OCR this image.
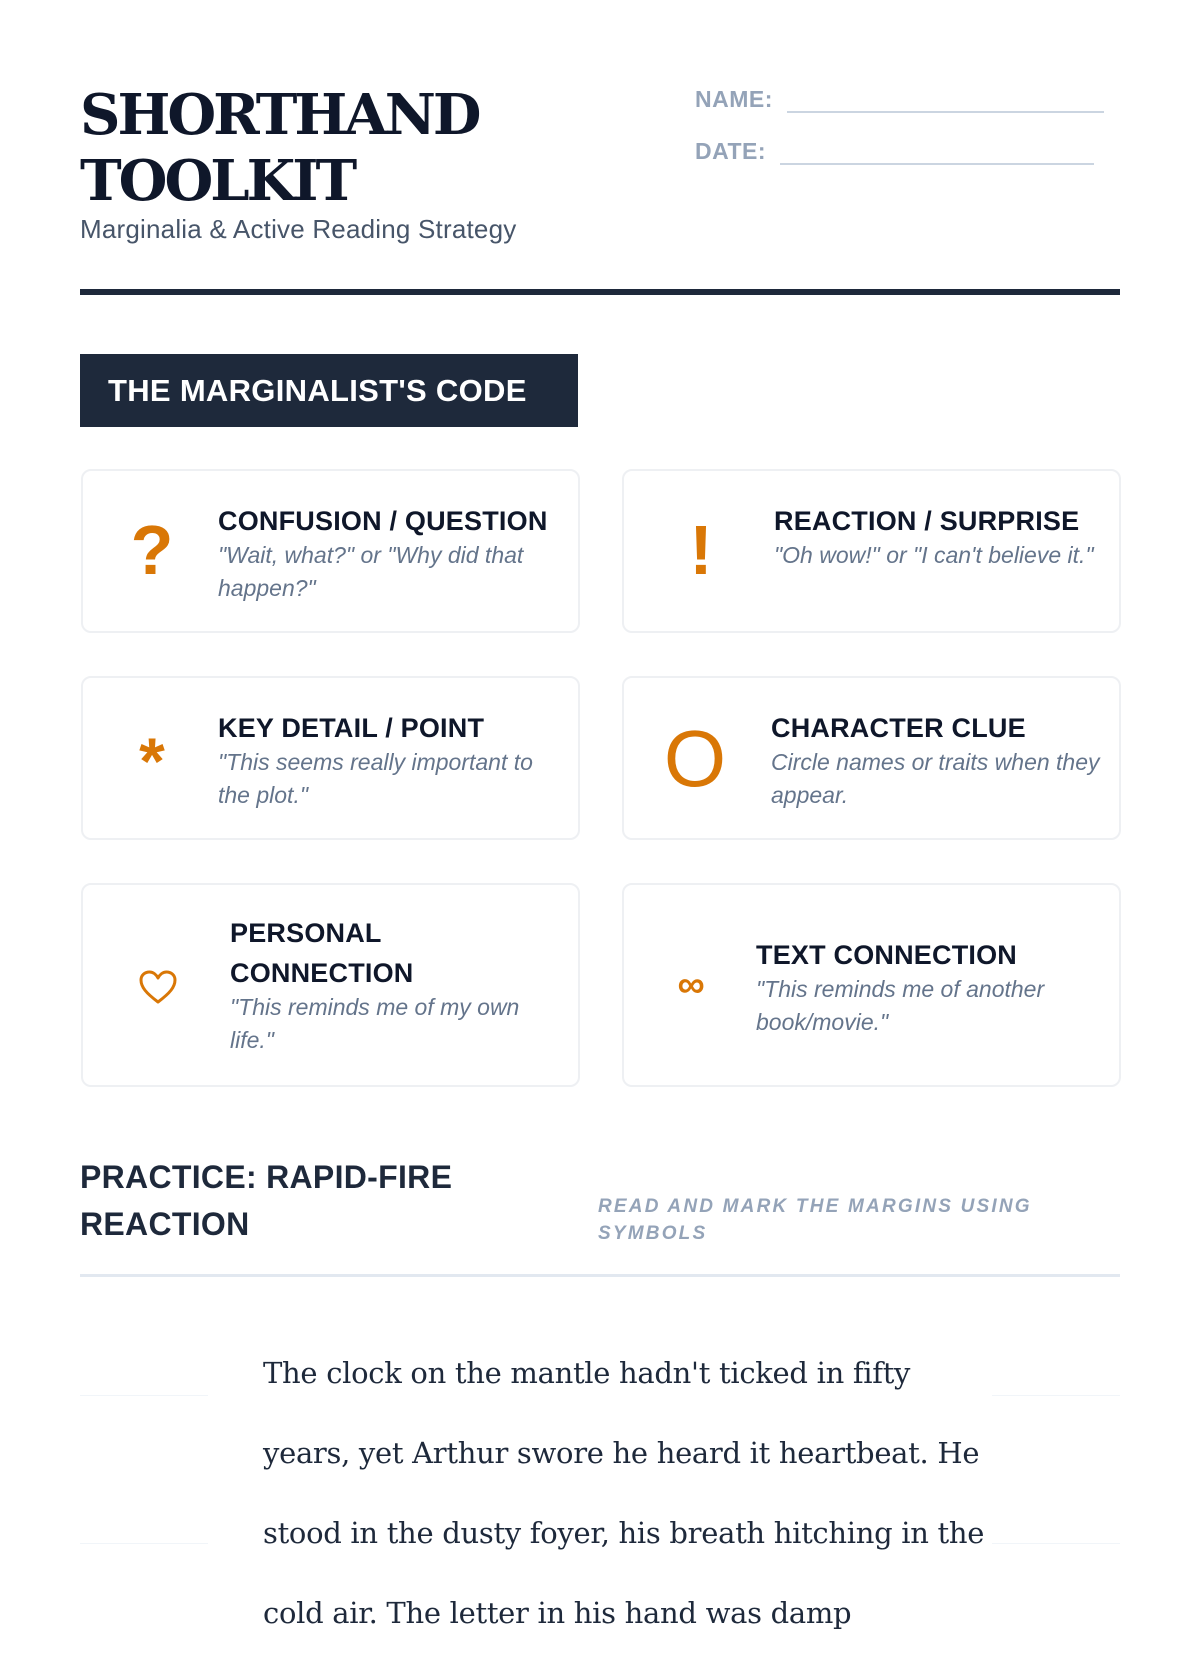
SHORTHAND TOOLKIT
Marginalia & Active Reading Strategy
NAME:
DATE:
THE MARGINALIST'S CODE
?	CONFUSION / QUESTION
"Wait, what?" or "Why did that happen?"	!	REACTION / SURPRISE
"Oh wow!" or "I can't believe it."
*	KEY DETAIL / POINT
"This seems really important to the plot."	O CHARACTER CLUE
Circle names or traits when they appear.
PERSONAL CONNECTION
"This reminds me of my own life."
∞
TEXT CONNECTION
"This reminds me of another book/movie."
PRACTICE: RAPID-FIRE REACTION	READ AND MARK THE MARGINS USING SYMBOLS
The clock on the mantle hadn't ticked in fifty years, yet Arthur swore he heard it heartbeat. He stood in the dusty foyer, his breath hitching in the cold air. The letter in his hand was damp
